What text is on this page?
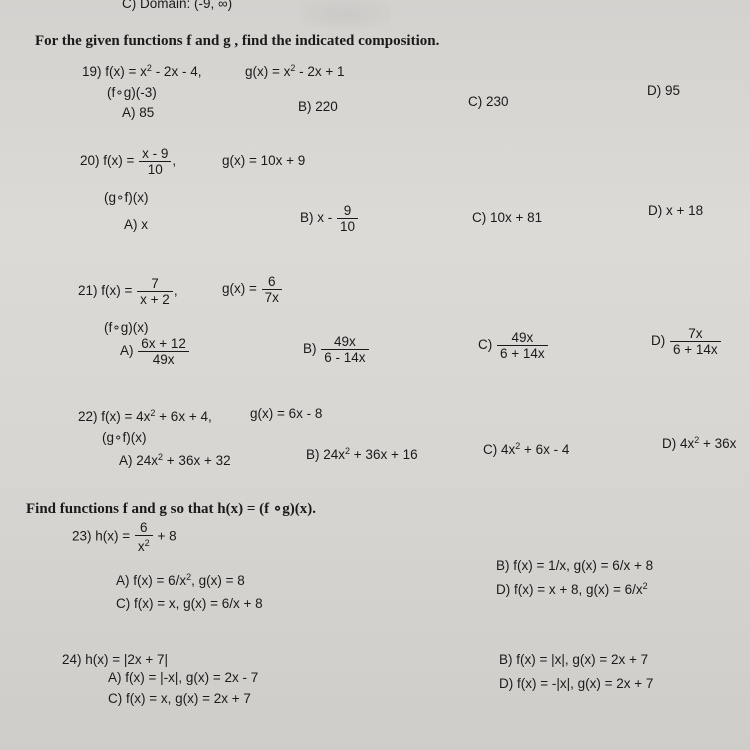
C) Domain: (-9, ∞)
For the given functions f and g , find the indicated composition.
19) $f(x) = x^2 - 2x - 4$,	$g(x) = x^2 - 2x + 1$
(f∘g)(-3)
A) 85	B) 220	C) 230
D) 95
20) $f(x) = \frac{x - 9}{10}$ ,	g(x) = 10x + 9
(g∘f)(x)
A) x	B) x - $\frac{9}{10}$	C) 10x + 81	D) x + 18
21) $f(x) = \frac{7}{x + 2}$ ,	$g(x) = \frac{6}{7x}$
(f∘g)(x)
$A) \frac{6x + 12}{49x}$	$B) \frac{49x}{6 - 14x}$	$C) \frac{49x}{6 + 14x}$	$D) \frac{7x}{6 + 14x}$
22) $f(x) = 4x^2 + 6x + 4$,	g(x) = 6x - 8
(g∘f)(x)
A) $24x^2 + 36x + 32$	B) $24x^2 + 36x + 16$	C) $4x^2 + 6x - 4$	D) $4x^2 + 36x$
Find functions f and g so that h(x) = (f ∘g)(x).
23) $h(x) = \frac{6}{x^2} + 8$
A) $f(x) = 6/x^2$, g(x) = 8
B) f(x) = 1/x, g(x) = 6/x + 8
C) f(x) = x, g(x) = 6/x + 8
D) f(x) = x + 8, $g(x) = 6/x^2$
24) h(x) = |2x + 7|
A) f(x) = |-x|, g(x) = 2x - 7
B) f(x) = |x|, g(x) = 2x + 7
C) f(x) = x, g(x) = 2x + 7
D) f(x) = -|x|, g(x) = 2x + 7
